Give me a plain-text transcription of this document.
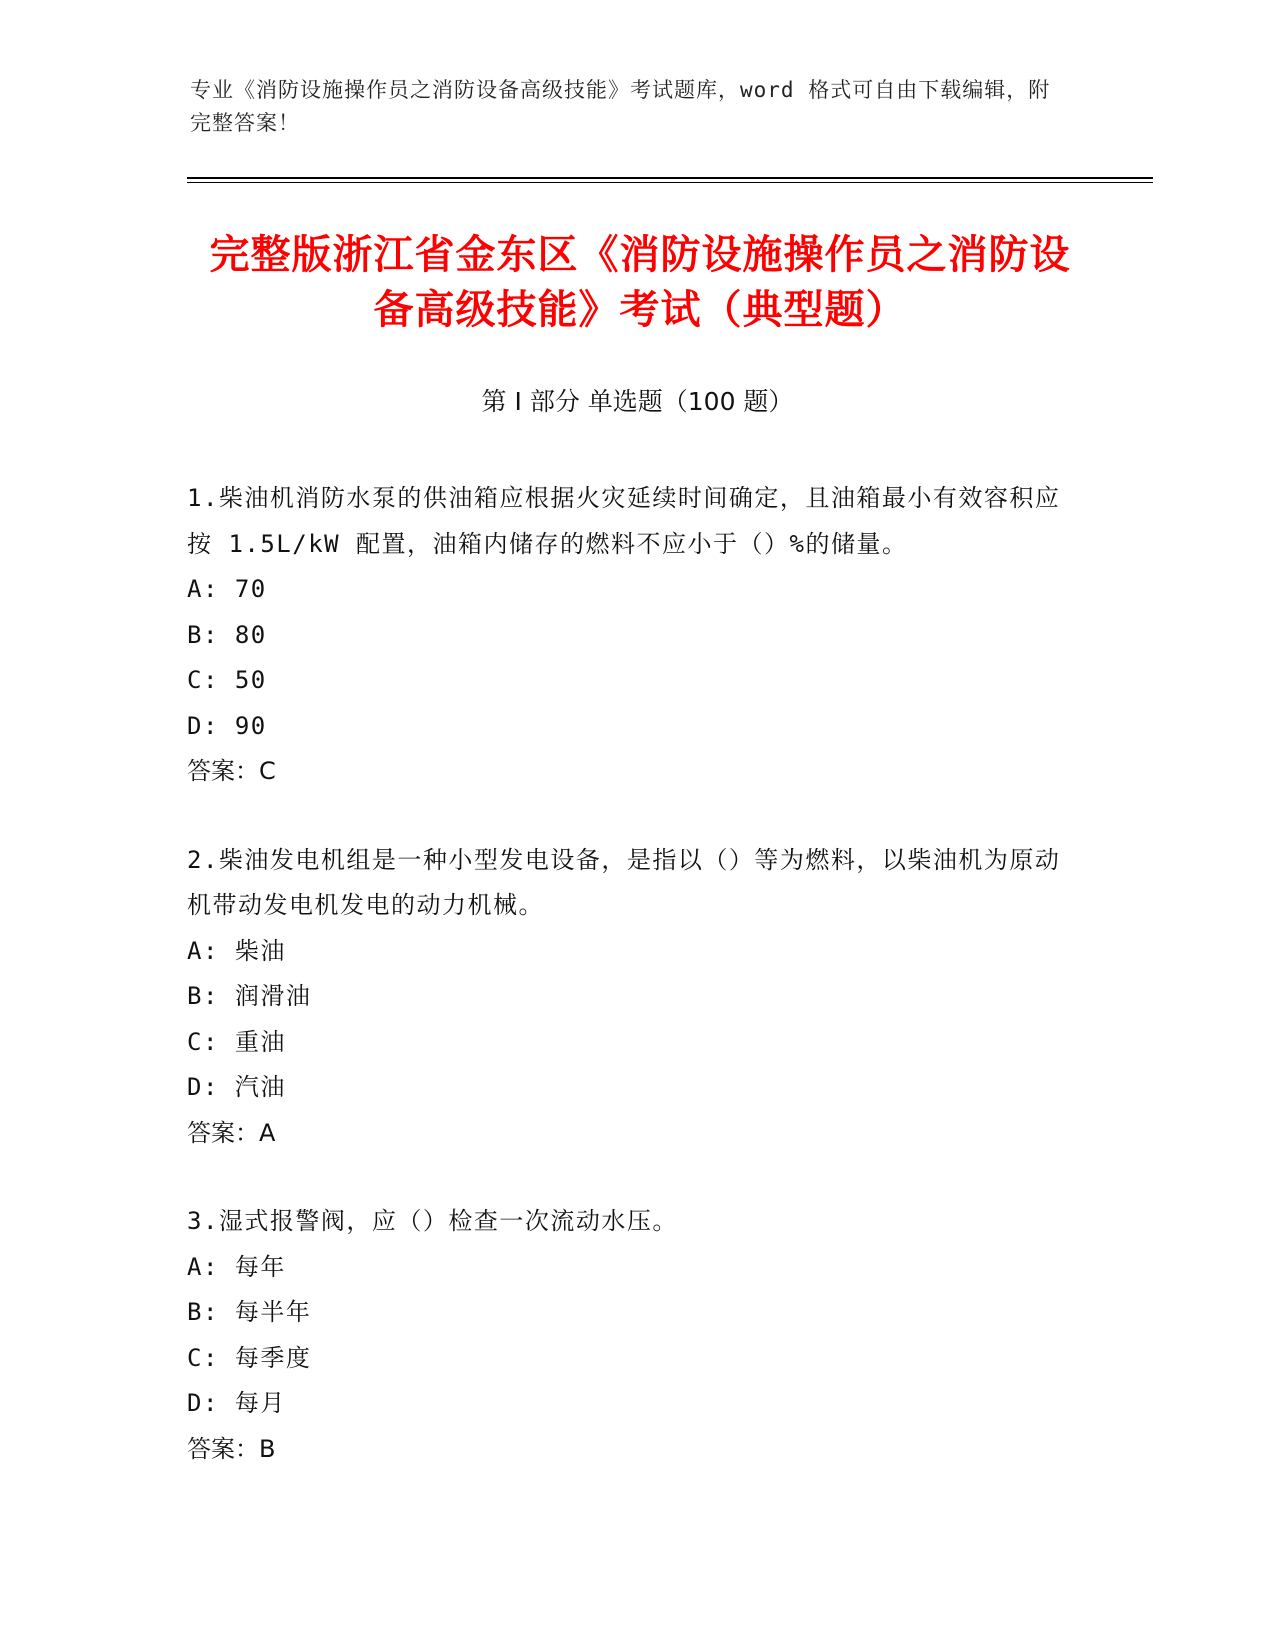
专业《消防设施操作员之消防设备高级技能》考试题库，word 格式可自由下载编辑，附完整答案！
完整版浙江省金东区《消防设施操作员之消防设备高级技能》考试（典型题）
第 I 部分 单选题（100 题）

1.柴油机消防水泵的供油箱应根据火灾延续时间确定，且油箱最小有效容积应按 1.5L/kW 配置，油箱内储存的燃料不应小于（）%的储量。

A: 70

B: 80

C: 50

D: 90

答案：C

2.柴油发电机组是一种小型发电设备，是指以（）等为燃料，以柴油机为原动机带动发电机发电的动力机械。

A: 柴油

B: 润滑油

C: 重油

D: 汽油

答案：A

3.湿式报警阀，应（）检查一次流动水压。

A: 每年

B: 每半年

C: 每季度

D: 每月

答案：B
